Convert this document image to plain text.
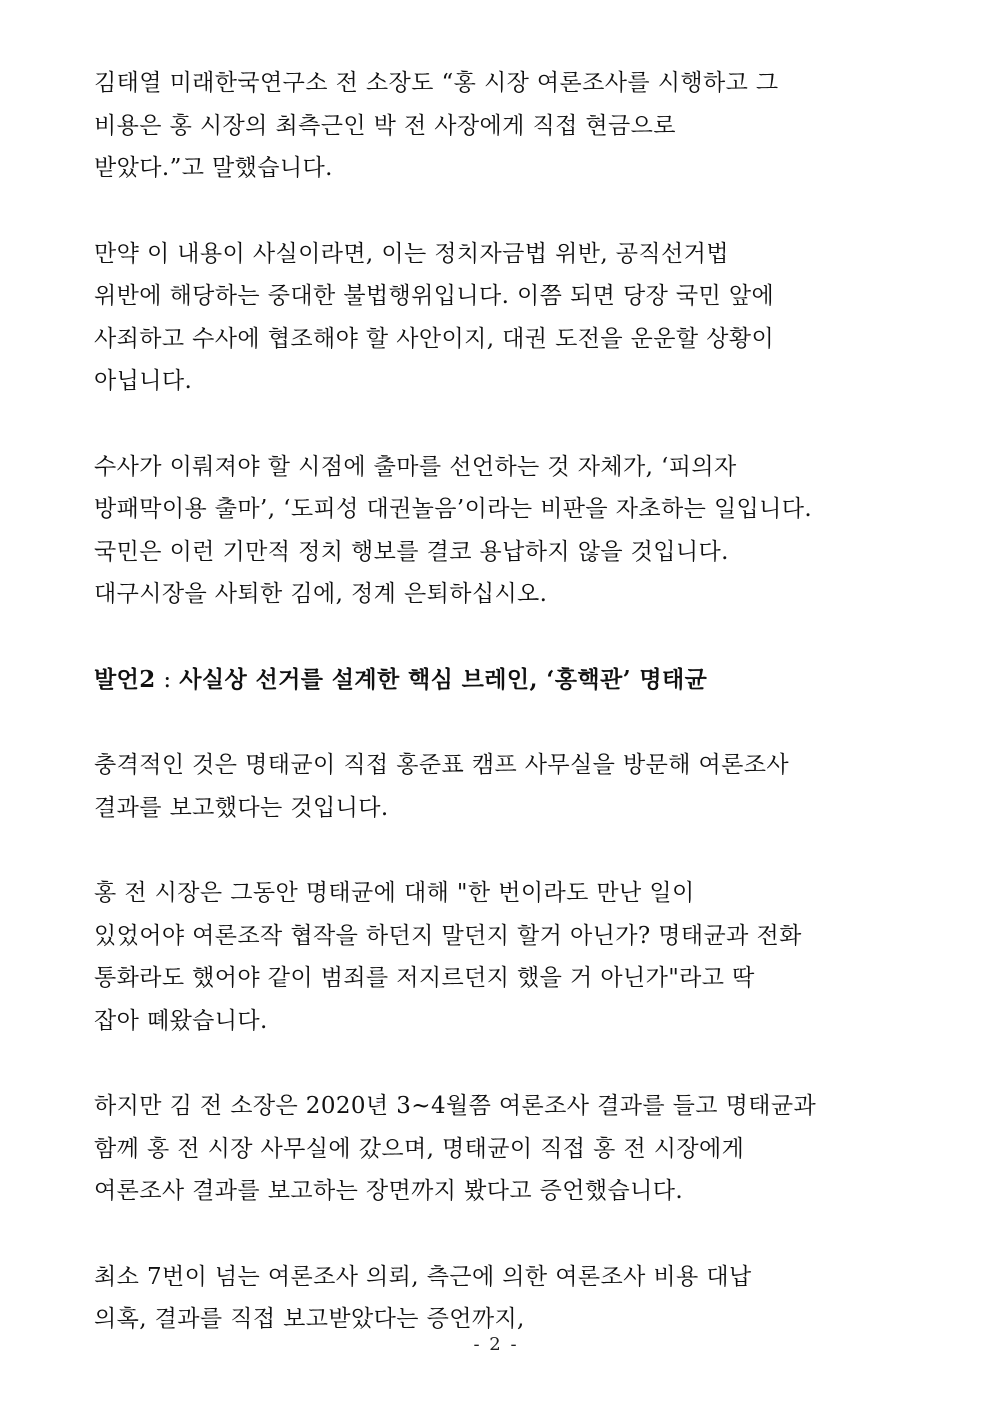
김태열 미래한국연구소 전 소장도 “홍 시장 여론조사를 시행하고 그
비용은 홍 시장의 최측근인 박 전 사장에게 직접 현금으로
받았다.”고 말했습니다.
만약 이 내용이 사실이라면, 이는 정치자금법 위반, 공직선거법
위반에 해당하는 중대한 불법행위입니다. 이쯤 되면 당장 국민 앞에
사죄하고 수사에 협조해야 할 사안이지, 대권 도전을 운운할 상황이
아닙니다.
수사가 이뤄져야 할 시점에 출마를 선언하는 것 자체가, ‘피의자
방패막이용 출마’, ‘도피성 대권놀음’이라는 비판을 자초하는 일입니다.
국민은 이런 기만적 정치 행보를 결코 용납하지 않을 것입니다.
대구시장을 사퇴한 김에, 정계 은퇴하십시오.
발언2 : 사실상 선거를 설계한 핵심 브레인, ‘홍핵관’ 명태균
충격적인 것은 명태균이 직접 홍준표 캠프 사무실을 방문해 여론조사
결과를 보고했다는 것입니다.
홍 전 시장은 그동안 명태균에 대해 "한 번이라도 만난 일이
있었어야 여론조작 협작을 하던지 말던지 할거 아닌가? 명태균과 전화
통화라도 했어야 같이 범죄를 저지르던지 했을 거 아닌가"라고 딱
잡아 뗴왔습니다.
하지만 김 전 소장은 2020년 3~4월쯤 여론조사 결과를 들고 명태균과
함께 홍 전 시장 사무실에 갔으며, 명태균이 직접 홍 전 시장에게
여론조사 결과를 보고하는 장면까지 봤다고 증언했습니다.
최소 7번이 넘는 여론조사 의뢰, 측근에 의한 여론조사 비용 대납
의혹, 결과를 직접 보고받았다는 증언까지,
- 2 -
